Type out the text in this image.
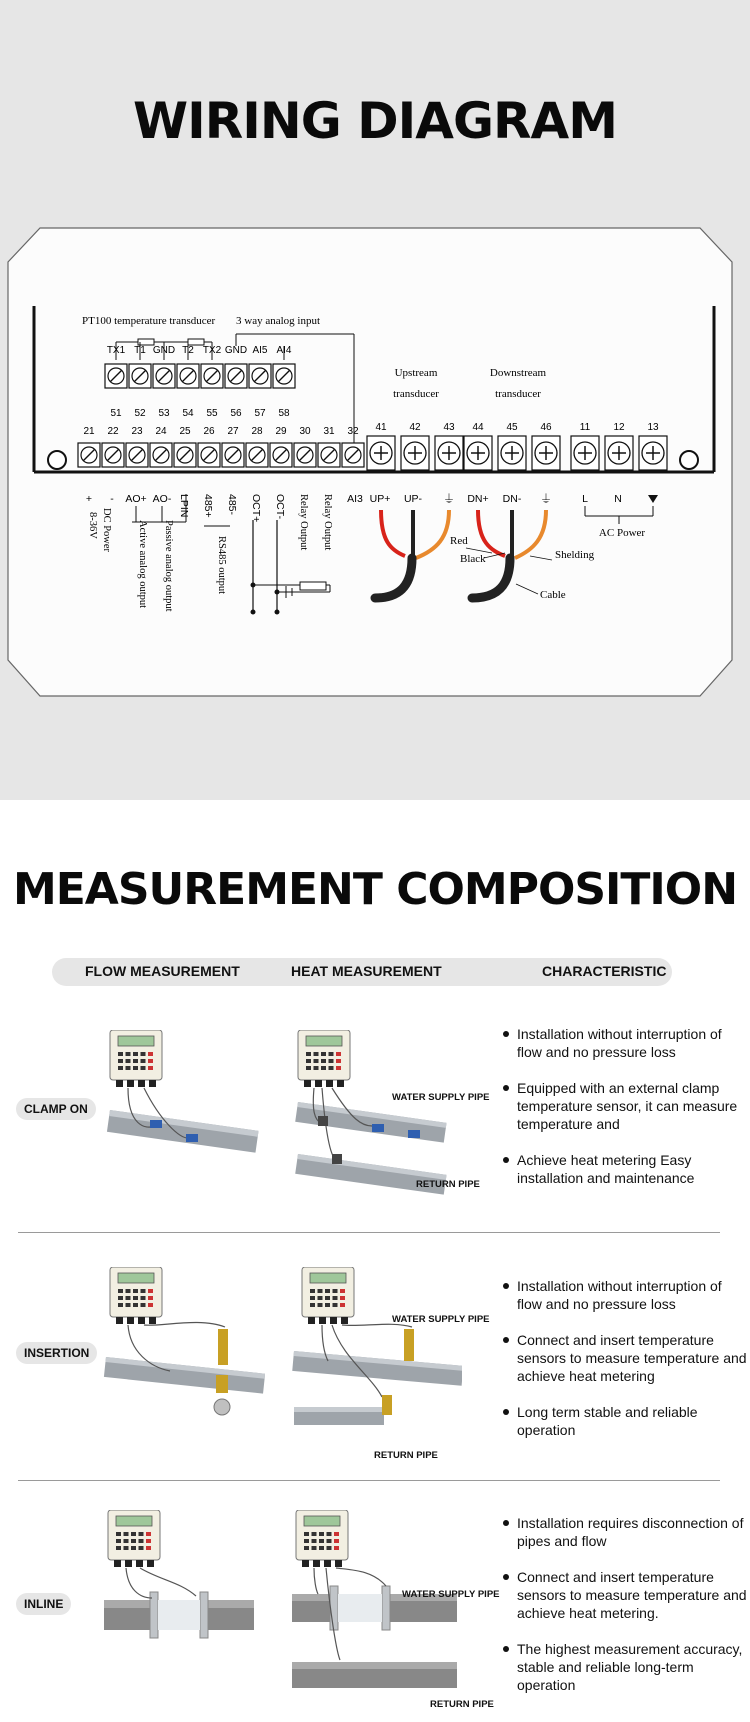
WIRING DIAGRAM
PT100 temperature transducer 3 way analog input
TX1
51
T1
52
GND
53
T2
54
TX2
55
GND
56
AI5
57
AI4
58
21 22 23 24 25 26 27 28 29 30 31 32 41 42 43 44 45 46	11 12 13
Upstream
transducer
Downstream
transducer
+ - AO+ AO-	AI3 UP+ UP-	DN+ DN-	L	N
⏚	⏚
LPIN 485+ 485- OCT+ OCT- Relay Output Relay Output
DC Power
8-36V	Active analog output Passive analog output	RS485 output
AC Power
Red
Black	Shelding
Cable
MEASUREMENT COMPOSITION
FLOW MEASUREMENT	HEAT MEASUREMENT	CHARACTERISTIC
CLAMP ON
WATER SUPPLY PIPE
RETURN PIPE
Installation without interruption of flow and no pressure loss
Equipped with an external clamp temperature sensor, it can measure temperature and
Achieve heat metering Easy installation and maintenance
INSERTION
WATER SUPPLY PIPE
RETURN PIPE
Installation without interruption of flow and no pressure loss
Connect and insert temperature sensors to measure temperature and achieve heat metering
Long term stable and reliable operation
INLINE
WATER SUPPLY PIPE
RETURN PIPE
Installation requires disconnection of pipes and flow
Connect and insert temperature sensors to measure temperature and achieve heat metering.
The highest measurement accuracy, stable and reliable long-term operation
